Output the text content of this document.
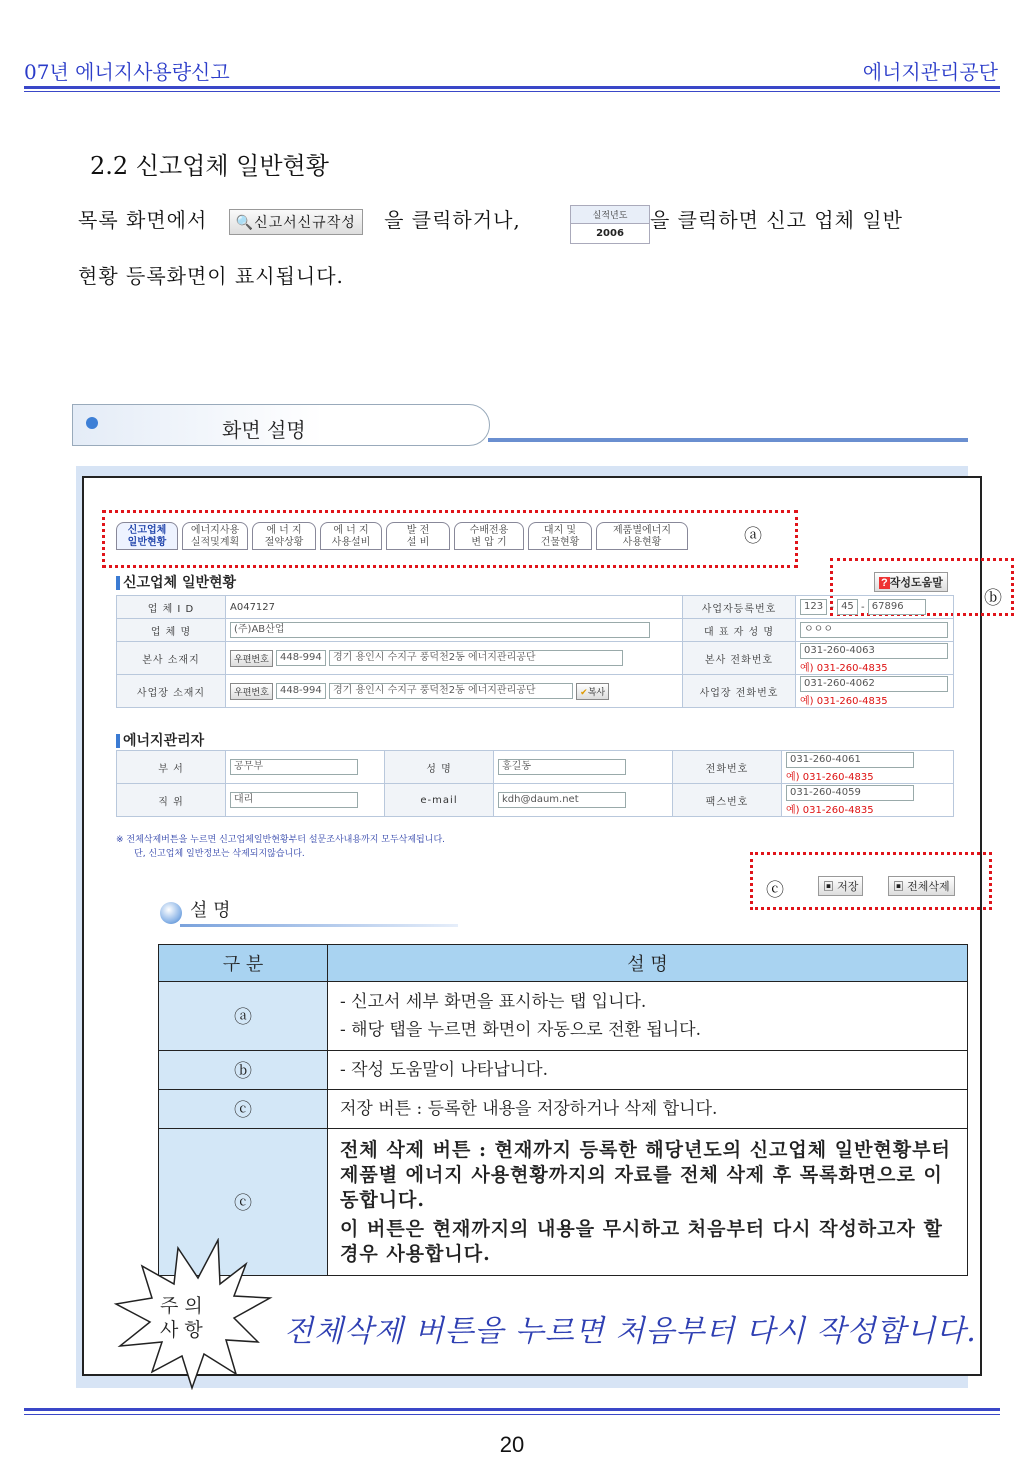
07년 에너지사용량신고	에너지관리공단
2.2 신고업체 일반현황
목록 화면에서 🔍신고서신규작성 을 클릭하거나,	실적년도
2006
을 클릭하면 신고 업체 일반
현황 등록화면이 표시됩니다.
화면 설명
신고업체
일반현황
에너지사용
실적및계획
에 너 지
절약상황
에 너 지
사용설비
발 전
설 비
수배전용
변 압 기
대지 및
건물현황
제품별에너지
사용현황	ⓐ
신고업체 일반현황	? 작성도움말
ⓑ
업 체 I D	A047127	사업자등록번호	123 - 45 - 67896
업 체 명	(주)AB산업	대 표 자 성 명	ㅇㅇㅇ
본사 소재지	우편번호 448-994 경기 용인시 수지구 풍덕천2동 에너지관리공단	본사 전화번호	031-260-4063
예) 031-260-4835
사업장 소재지	우편번호 448-994 경기 용인시 수지구 풍덕천2동 에너지관리공단 ✔복사	사업장 전화번호	031-260-4062
예) 031-260-4835
에너지관리자
부 서	공무부	성 명	홍길동	전화번호	031-260-4061
예) 031-260-4835
직 위	대리	e-mail	kdh@daum.net	팩스번호	031-260-4059
예) 031-260-4835
※ 전체삭제버튼을 누르면 신고업체일반현황부터 설문조사내용까지 모두삭제됩니다.
단, 신고업체 일반정보는 삭제되지않습니다.
ⓒ	▣ 저장	▣ 전체삭제
설 명
구 분	설 명
ⓐ	- 신고서 세부 화면을 표시하는 탭 입니다.
- 해당 탭을 누르면 화면이 자동으로 전환 됩니다.

ⓑ	- 작성 도움말이 나타납니다.
ⓒ	저장 버튼 : 등록한 내용을 저장하거나 삭제 합니다.
ⓒ	전체 삭제 버튼 : 현재까지 등록한 해당년도의 신고업체 일반현황부터 제품별 에너지 사용현황까지의 자료를 전체 삭제 후 목록화면으로 이동합니다.
이 버튼은 현재까지의 내용을 무시하고 처음부터 다시 작성하고자 할 경우 사용합니다.
주 의
사 항	전체삭제 버튼을 누르면 처음부터 다시 작성합니다.
20
